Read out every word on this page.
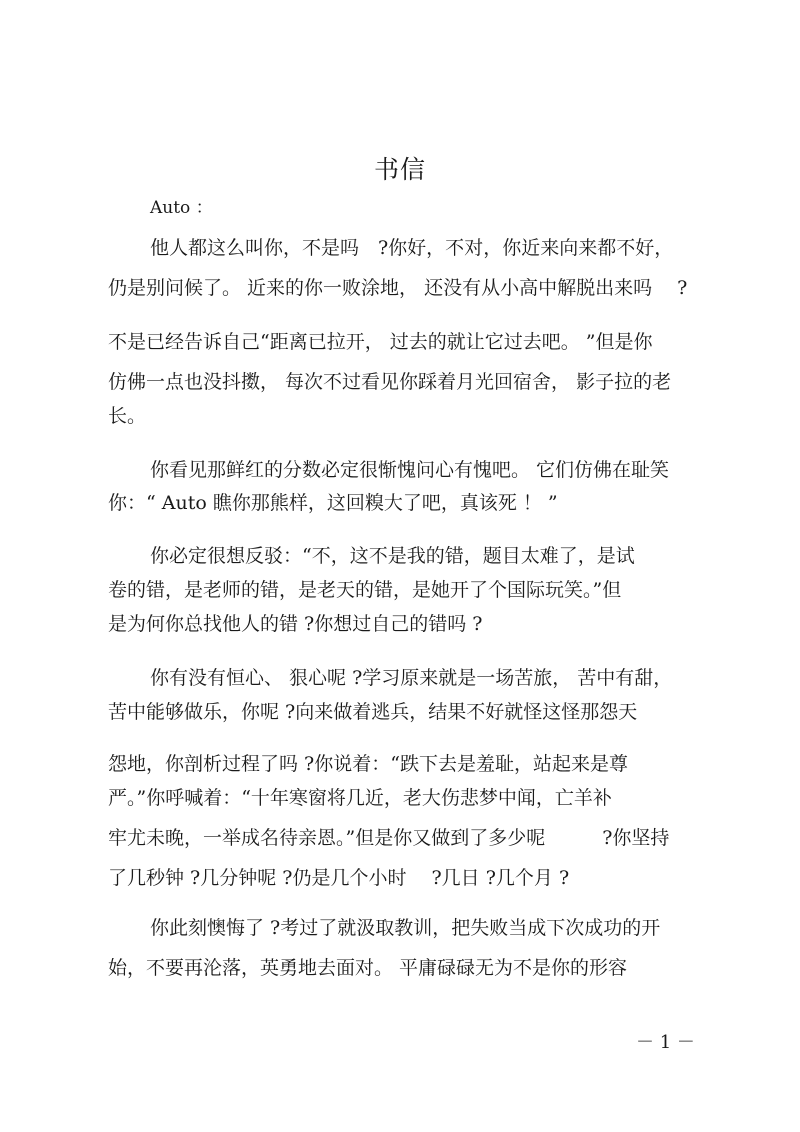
书信
Auto ：
他人都这么叫你，不是吗　?你好，不对，你近来向来都不好，
仍是别问候了。 近来的你一败涂地， 还没有从小高中解脱出来吗　 ?
不是已经告诉自己“距离已拉开， 过去的就让它过去吧。 ”但是你
仿佛一点也没抖擞， 每次不过看见你踩着月光回宿舍， 影子拉的老
长。
你看见那鲜红的分数必定很惭愧问心有愧吧。 它们仿佛在耻笑
你：“ Auto 瞧你那熊样，这回糗大了吧，真该死 ！ ”
你必定很想反驳：“不，这不是我的错，题目太难了，是试
卷的错，是老师的错，是老天的错，是她开了个国际玩笑。”但
是为何你总找他人的错 ?你想过自己的错吗 ?
你有没有恒心、 狠心呢 ?学习原来就是一场苦旅， 苦中有甜，
苦中能够做乐，你呢 ?向来做着逃兵，结果不好就怪这怪那怨天
怨地，你剖析过程了吗 ?你说着：“跌下去是羞耻，站起来是尊
严。”你呼喊着：“十年寒窗将几近，老大伤悲梦中闻，亡羊补
牢尤未晚，一举成名待亲恩。”但是你又做到了多少呢　　　?你坚持
了几秒钟 ?几分钟呢 ?仍是几个小时　 ?几日 ?几个月 ?
你此刻懊悔了 ?考过了就汲取教训，把失败当成下次成功的开
始，不要再沦落，英勇地去面对。 平庸碌碌无为不是你的形容
－ 1 －
